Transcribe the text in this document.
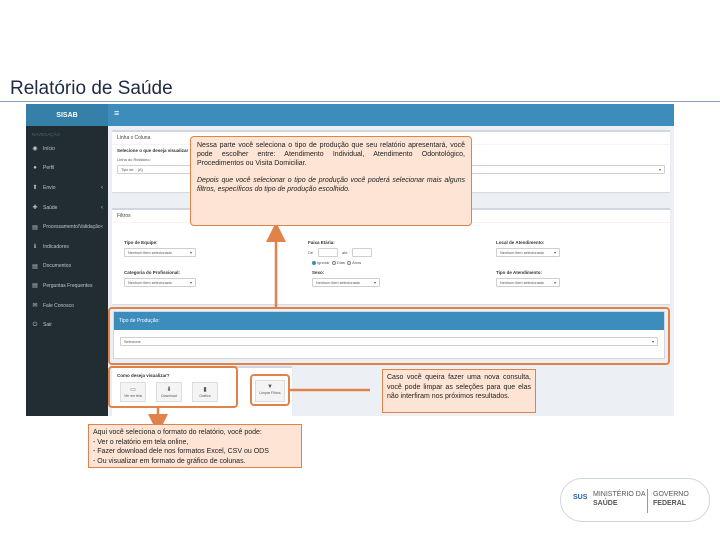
Relatório de Saúde
SISAB
NAVEGAÇÃO
◉ Início
●	Perfil
⬆ Envio	‹
✚ Saúde	‹
▤ Processamento/Validação ‹
ℹ	Indicadores
▤ Documentos
▤ Perguntas Frequentes
✉ Fale Conosco
⏻	Sair
≡
Linha x Coluna
Selecione o que deseja visualizar
Linha do Relatório:
Tipo de... (A)	▾
Filtros
Tipo de Equipe:
Nenhum item selecionado	▾
Categoria do Profissional:
Nenhum item selecionado	▾
Faixa Etária:
De	até
Ignorar Dias Anos
Sexo:
Nenhum item selecionado	▾
Local de Atendimento:
Nenhum item selecionado	▾
Tipo de Atendimento:
Nenhum item selecionado	▾
Como deseja visualizar?
▭
Ver em tela
⬇
Download
▮
Gráfico
Tipo de Produção:
Selecione	▾
▼
Limpar Filtros

Nessa parte você seleciona o tipo de produção que seu relatório apresentará, você pode escolher entre: Atendimento Individual, Atendimento Odontológico, Procedimentos ou Visita Domiciliar.

Depois que você selecionar o tipo de produção você poderá selecionar mais alguns filtros, específicos do tipo de produção escolhido.

Caso você queira fazer uma nova consulta, você pode limpar as seleções para que elas não interfiram nos próximos resultados.
Aqui você seleciona o formato do relatório, você pode:
- Ver o relatório em tela online,
- Fazer download dele nos formatos Excel, CSV ou ODS
- Ou visualizar em formato de gráfico de colunas.
SUS MINISTÉRIO DA
SAÚDE
GOVERNO
FEDERAL
